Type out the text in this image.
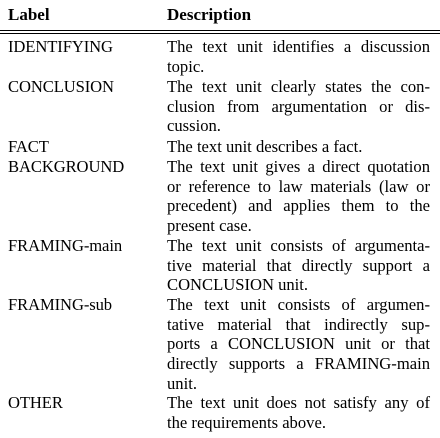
Label	Description
IDENTIFYING	The text unit identifies a discussion
topic.
CONCLUSION	The text unit clearly states the con-
clusion from argumentation or dis-
cussion.
FACT	The text unit describes a fact.
BACKGROUND	The text unit gives a direct quotation
or reference to law materials (law or
precedent) and applies them to the
present case.
FRAMING-main	The text unit consists of argumenta-
tive material that directly support a
CONCLUSION unit.
FRAMING-sub	The text unit consists of argumen-
tative material that indirectly sup-
ports a CONCLUSION unit or that
directly supports a FRAMING-main
unit.
OTHER	The text unit does not satisfy any of
the requirements above.
